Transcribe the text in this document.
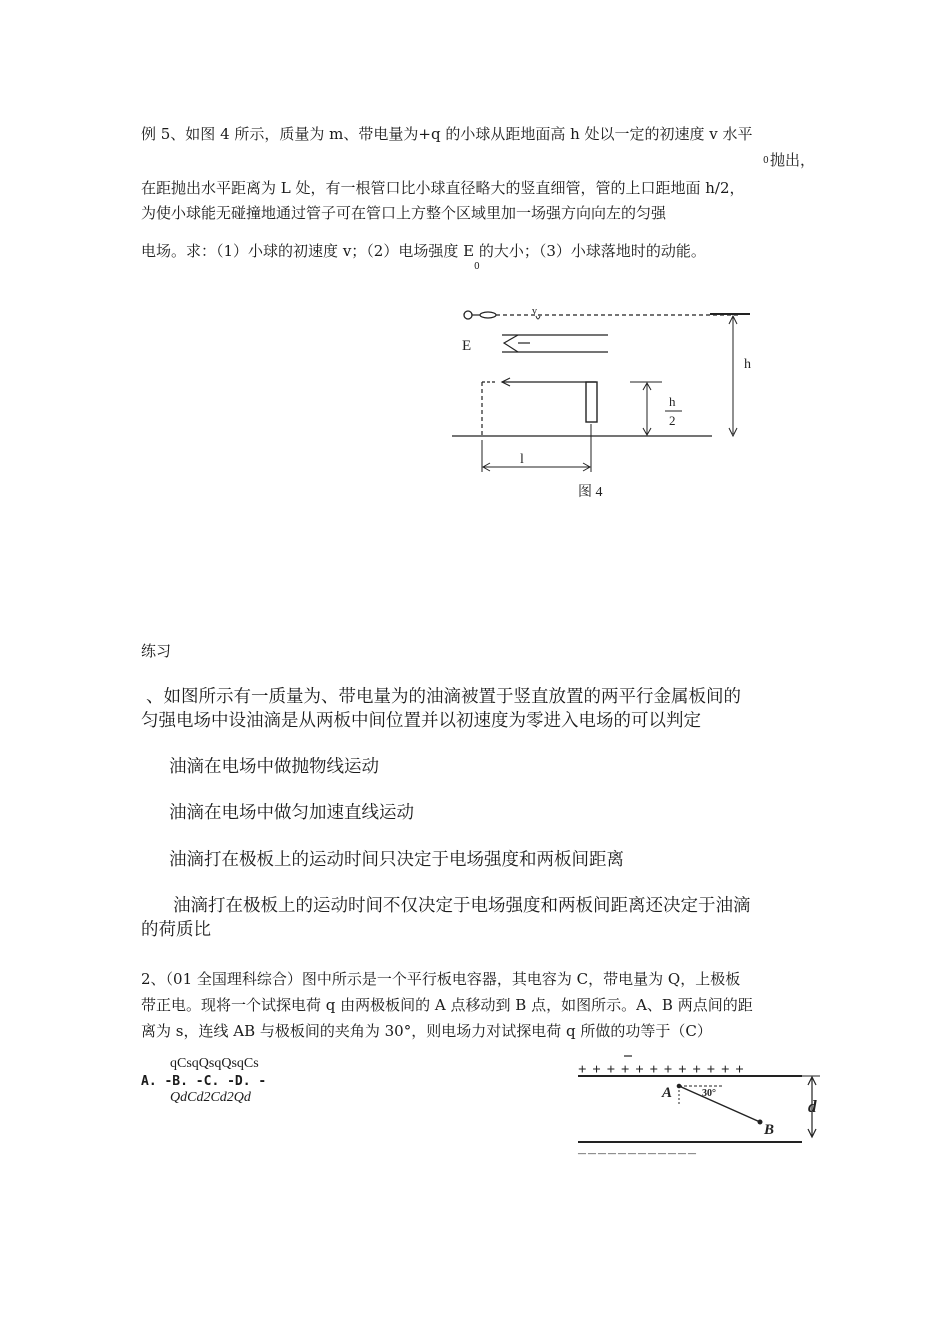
例 5、如图 4 所示，质量为 m、带电量为+q 的小球从距地面高 h 处以一定的初速度 v 水平
0 抛出，
在距抛出水平距离为 L 处，有一根管口比小球直径略大的竖直细管，管的上口距地面 h/2，
为使小球能无碰撞地通过管子可在管口上方整个区域里加一场强方向向左的匀强
电场。求：（1）小球的初速度 v；（2）电场强度 E 的大小；（3）小球落地时的动能。
0
v
E
h
2
h
l
图 4
练习
、如图所示有一质量为、带电量为的油滴被置于竖直放置的两平行金属板间的
匀强电场中设油滴是从两板中间位置并以初速度为零进入电场的可以判定
油滴在电场中做抛物线运动
油滴在电场中做匀加速直线运动
油滴打在极板上的运动时间只决定于电场强度和两板间距离
油滴打在极板上的运动时间不仅决定于电场强度和两板间距离还决定于油滴
的荷质比
2、（01 全国理科综合）图中所示是一个平行板电容器，其电容为 C，带电量为 Q，上极板
带正电。现将一个试探电荷 q 由两极板间的 A 点移动到 B 点，如图所示。A、B 两点间的距
离为 s，连线 AB 与极板间的夹角为 30°，则电场力对试探电荷 q 所做的功等于（C）
qCsqQsqQsqCs
A. -B. -C. -D. -
QdCd2Cd2Qd
+ + + + + + + + + + + +
d
A	30°
B
— — — — — — — — — — — —
